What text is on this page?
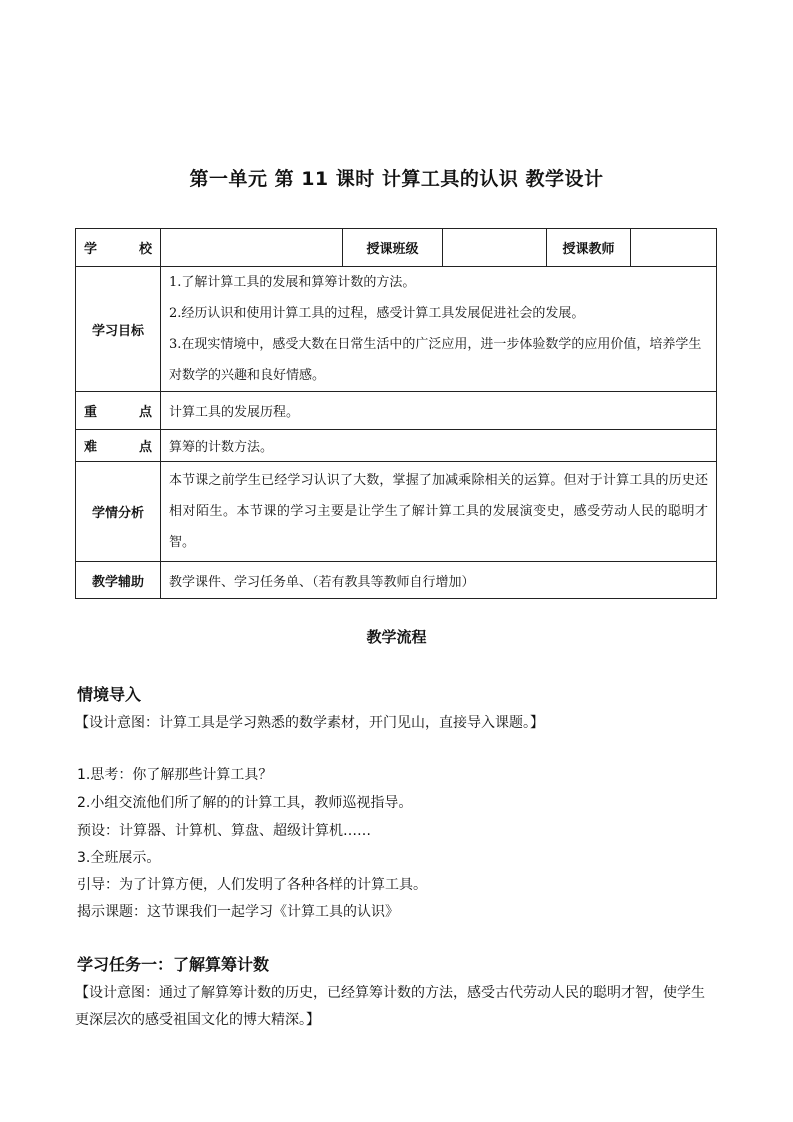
第一单元 第 11 课时 计算工具的认识 教学设计
学 校		授课班级		授课教师	
学习目标	1.了解计算工具的发展和算筹计数的方法。
2.经历认识和使用计算工具的过程，感受计算工具发展促进社会的发展。
3.在现实情境中，感受大数在日常生活中的广泛应用，进一步体验数学的应用价值，培养学生对数学的兴趣和良好情感。				

重 点	计算工具的发展历程。				

难 点	算筹的计数方法。				
学情分析	本节课之前学生已经学习认识了大数，掌握了加减乘除相关的运算。但对于计算工具的历史还相对陌生。本节课的学习主要是让学生了解计算工具的发展演变史，感受劳动人民的聪明才智。				
教学辅助	教学课件、学习任务单、（若有教具等教师自行增加）				
教学流程
情境导入
【设计意图：计算工具是学习熟悉的数学素材，开门见山，直接导入课题。】
1.思考：你了解那些计算工具？
2.小组交流他们所了解的的计算工具，教师巡视指导。
预设：计算器、计算机、算盘、超级计算机……
3.全班展示。
引导：为了计算方便，人们发明了各种各样的计算工具。
揭示课题：这节课我们一起学习《计算工具的认识》
学习任务一：了解算筹计数
【设计意图：通过了解算筹计数的历史，已经算筹计数的方法，感受古代劳动人民的聪明才智，使学生更深层次的感受祖国文化的博大精深。】
